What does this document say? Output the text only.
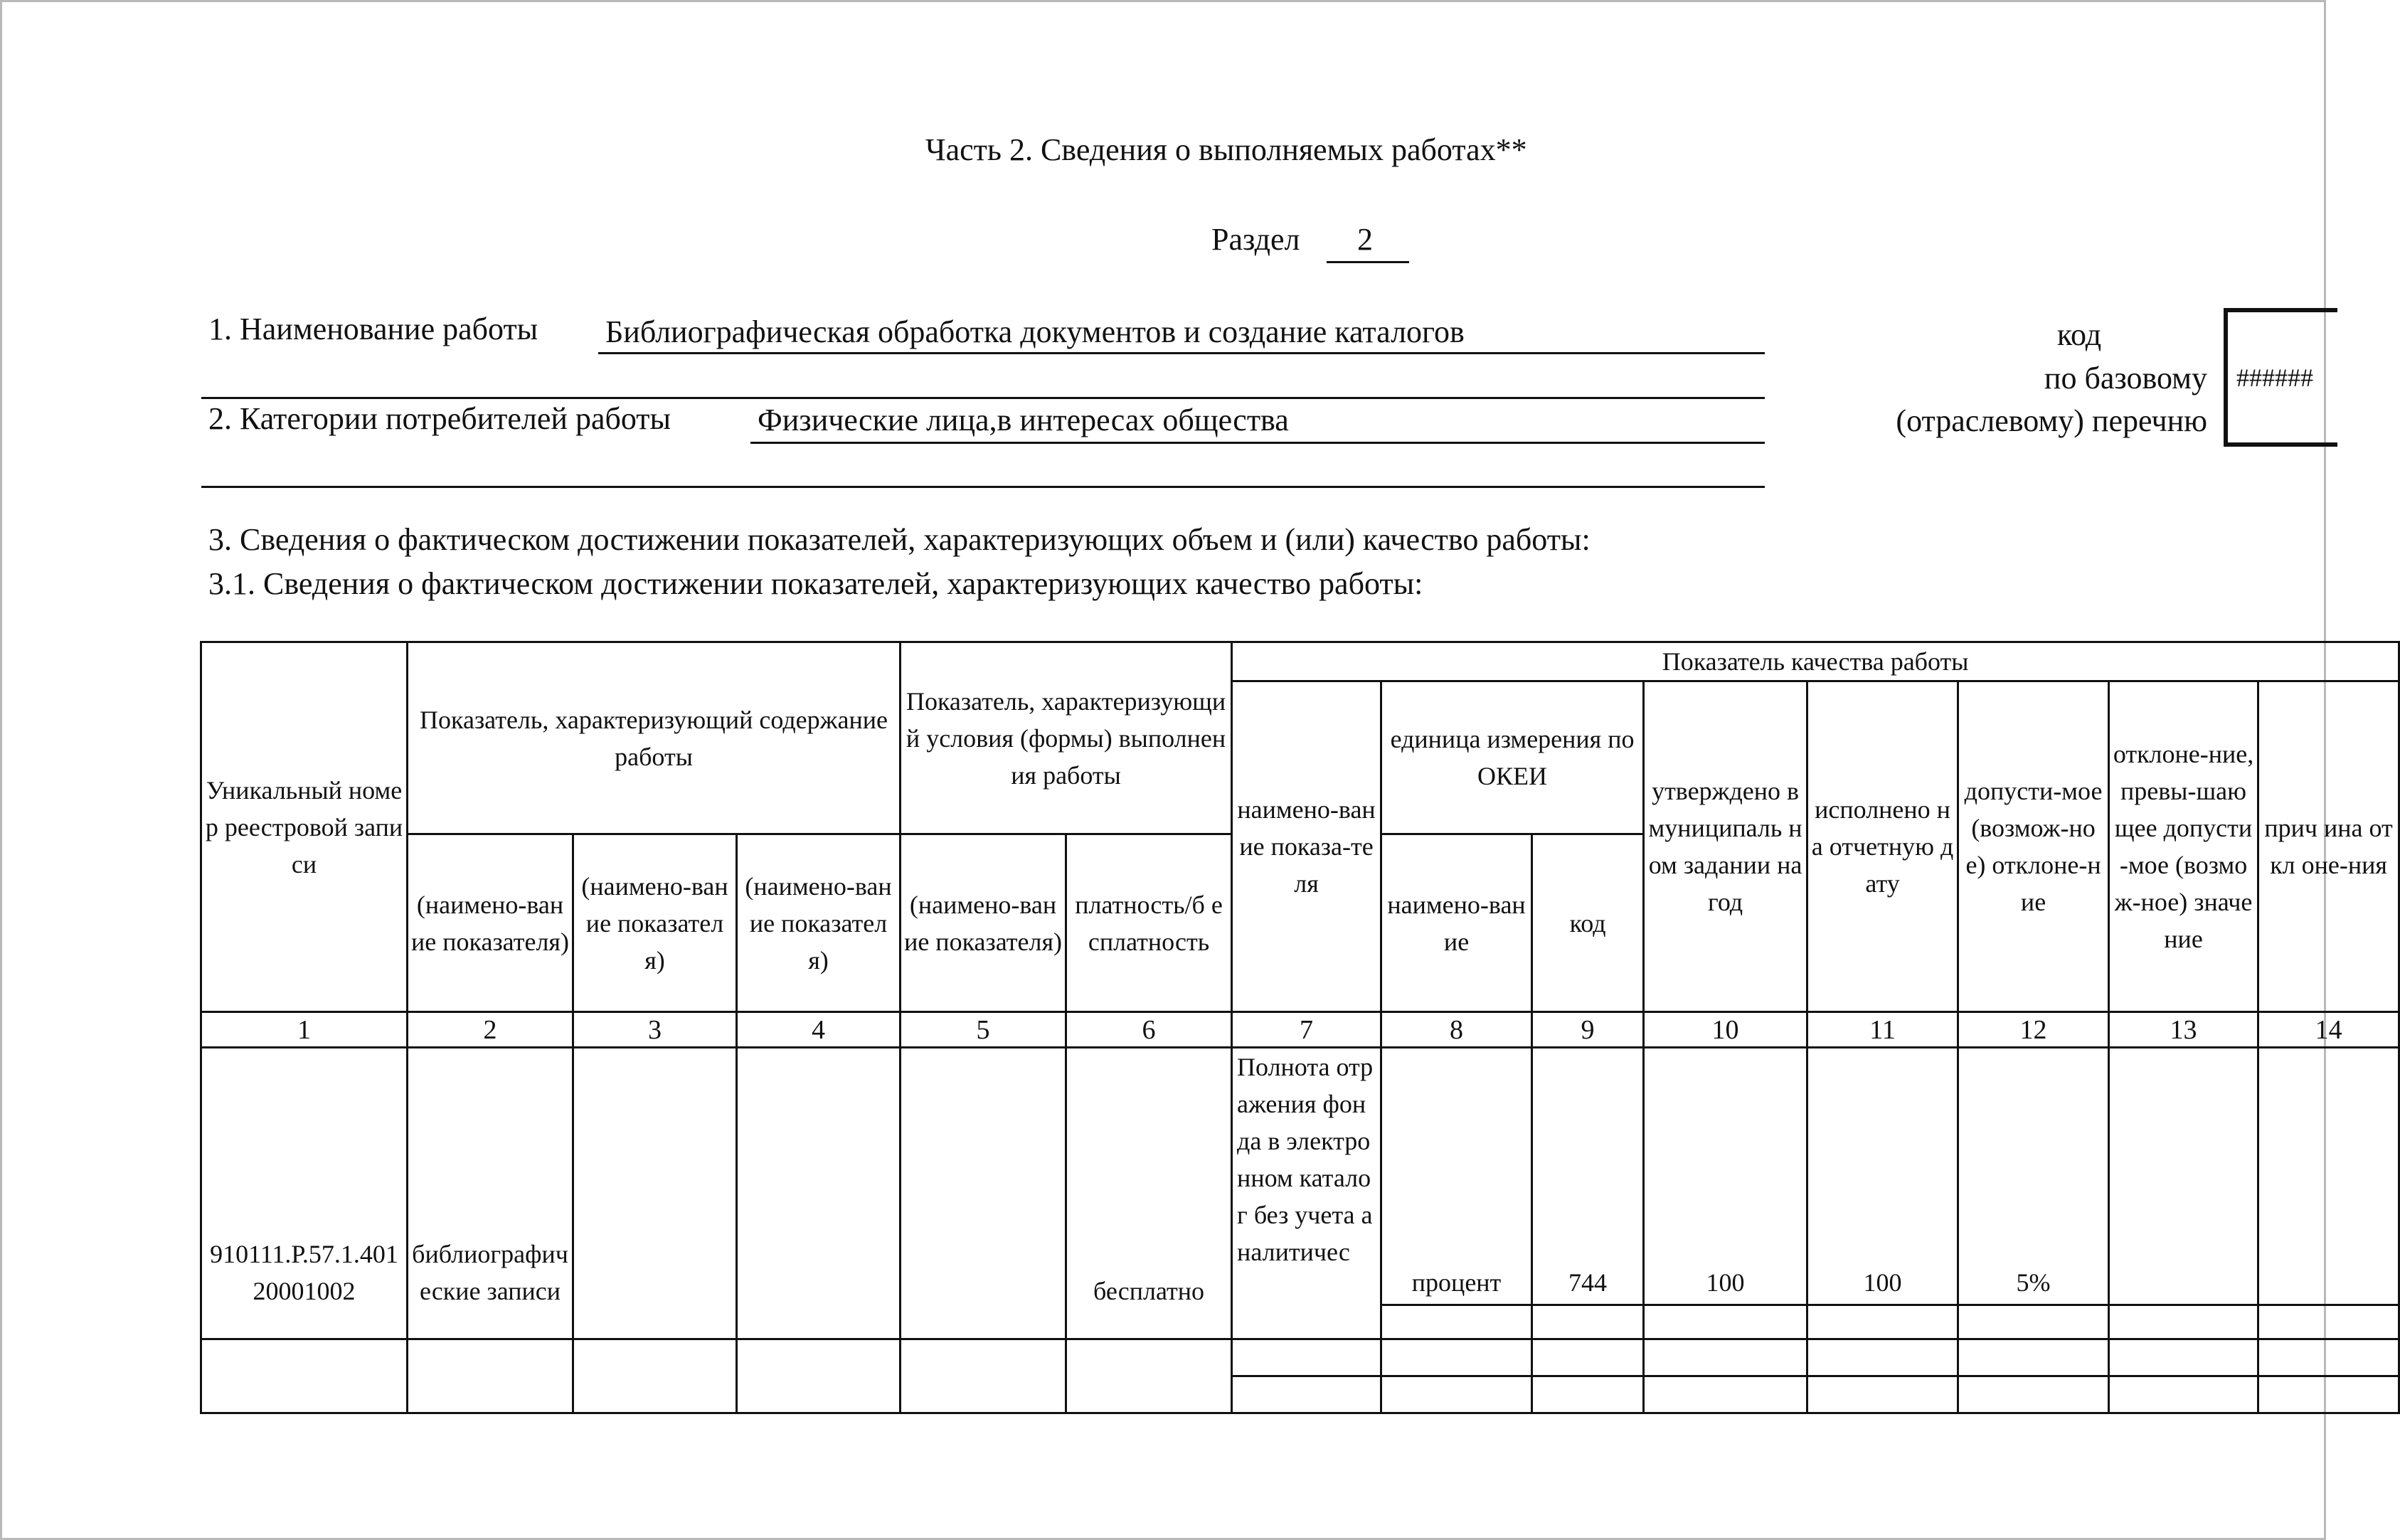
Часть 2. Сведения о выполняемых работах**
Раздел 2
1. Наименование работы Библиографическая обработка документов и создание каталогов
2. Категории потребителей работы	Физические лица,в интересах общества
код
по базовому
(отраслевому) перечню
######
3. Сведения о фактическом достижении показателей, характеризующих объем и (или) качество работы:
3.1. Сведения о фактическом достижении показателей, характеризующих качество работы:
Уникальный номер реестровой записи	Показатель, характеризующий содержание работы			Показатель, характеризующий условия (формы) выполнения работы		Показатель качества работы							
						наимено-вание показа-теля	единица измерения по ОКЕИ		утверждено в муниципаль ном задании на год	исполнено на отчетную дату	допусти-мое (возмож-ное) отклоне-ние	отклоне-ние, превы-шающее допусти-мое (возмож-ное) значение	прич ина откл оне-ния
	(наимено-вание показателя)	(наимено-вание показателя)	(наимено-вание показателя)	(наимено-вание показателя)	платность/б есплатность		наимено-вание	код					
1	2	3	4	5	6	7	8	9	10	11	12	13	14
910111.Р.57.1.40120001002	библиографические записи				бесплатно	Полнота отражения фонда в электронном каталог без учета аналитичес	процент	744	100	100	5%		
